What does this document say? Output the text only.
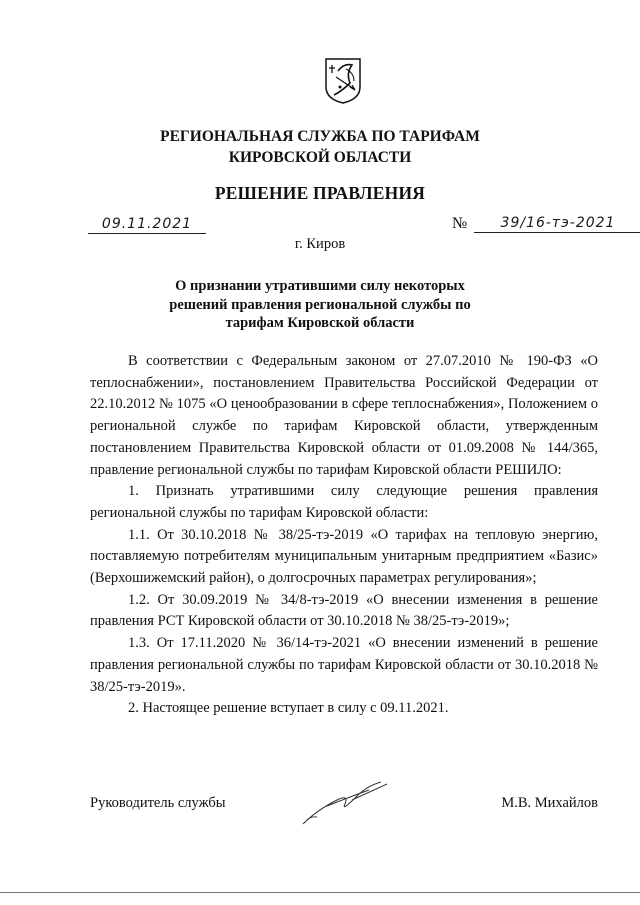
РЕГИОНАЛЬНАЯ СЛУЖБА ПО ТАРИФАМ
КИРОВСКОЙ ОБЛАСТИ
РЕШЕНИЕ ПРАВЛЕНИЯ
09.11.2021	№	39/16-тэ-2021
г. Киров
О признании утратившими силу некоторых
решений правления региональной службы по
тарифам Кировской области

В соответствии с Федеральным законом от 27.07.2010 № 190-ФЗ «О теплоснабжении», постановлением Правительства Российской Федерации от 22.10.2012 № 1075 «О ценообразовании в сфере теплоснабжения», Положением о региональной службе по тарифам Кировской области, утвержденным постановлением Правительства Кировской области от 01.09.2008 № 144/365, правление региональной службы по тарифам Кировской области РЕШИЛО:

1. Признать утратившими силу следующие решения правления региональной службы по тарифам Кировской области:

1.1. От 30.10.2018 № 38/25-тэ-2019 «О тарифах на тепловую энергию, поставляемую потребителям муниципальным унитарным предприятием «Базис» (Верхошижемский район), о долгосрочных параметрах регулирования»;

1.2. От 30.09.2019 № 34/8-тэ-2019 «О внесении изменения в решение правления РСТ Кировской области от 30.10.2018 № 38/25-тэ-2019»;

1.3. От 17.11.2020 № 36/14-тэ-2021 «О внесении изменений в решение правления региональной службы по тарифам Кировской области от 30.10.2018 № 38/25-тэ-2019».

2. Настоящее решение вступает в силу с 09.11.2021.

Руководитель службы	М.В. Михайлов
